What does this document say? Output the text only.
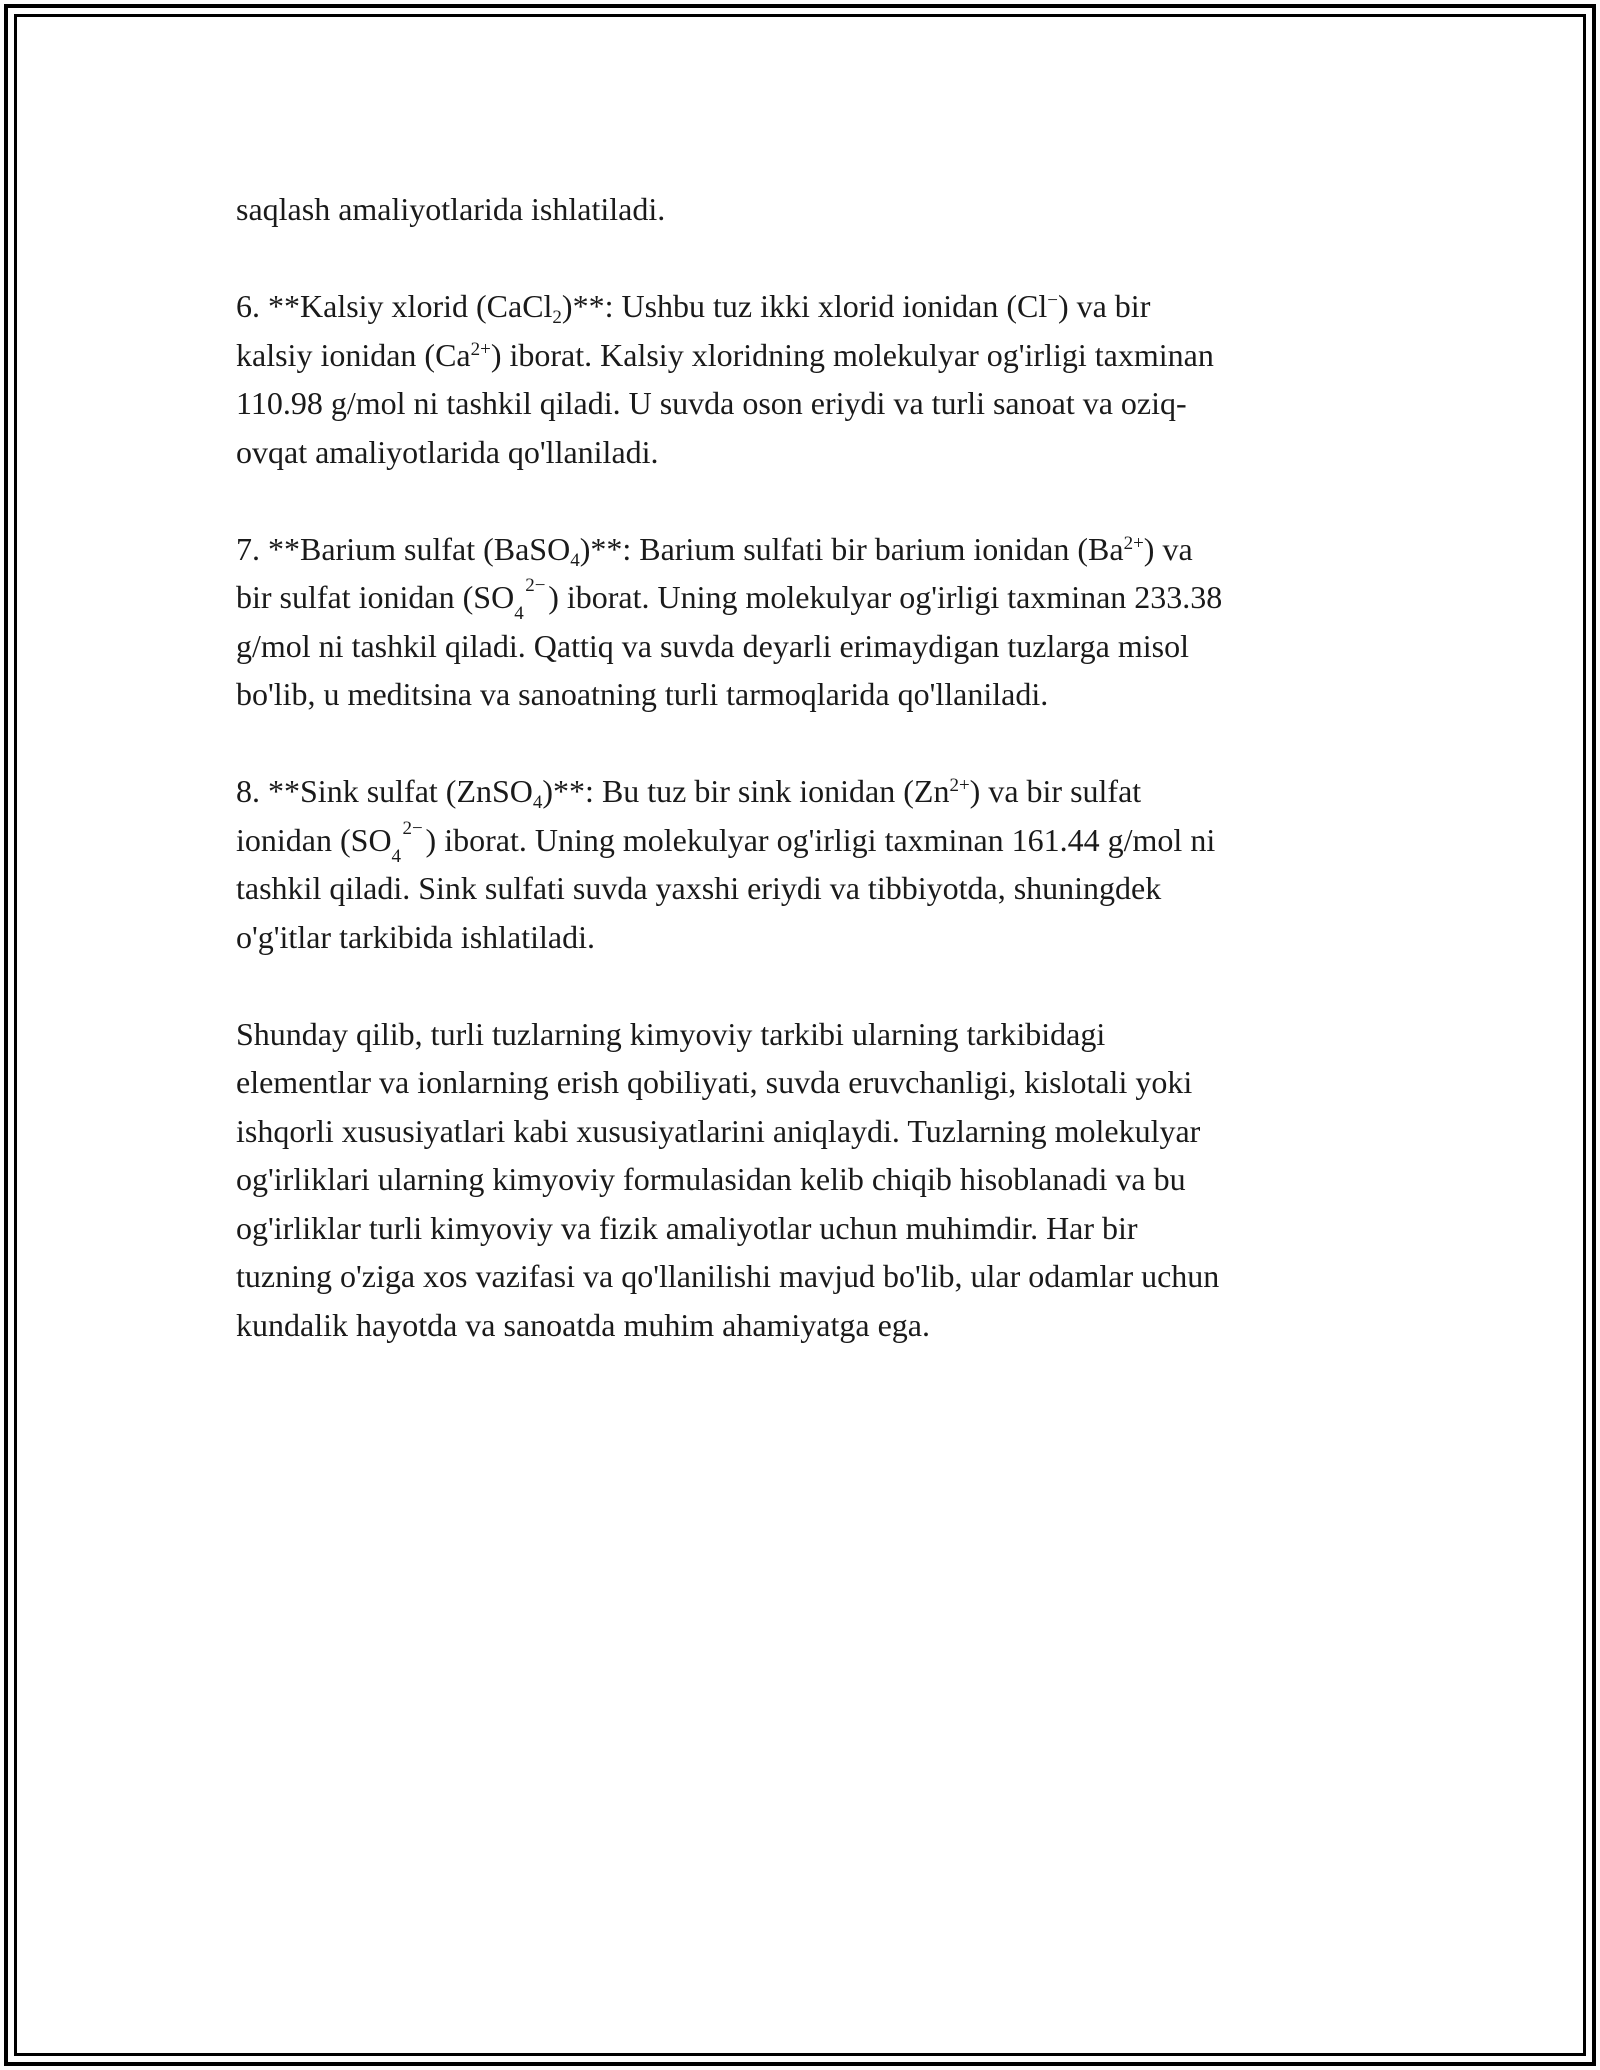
saqlash amaliyotlarida ishlatiladi.

6. **Kalsiy xlorid (CaCl$_2$)**: Ushbu tuz ikki xlorid ionidan (Cl−) va bir
kalsiy ionidan $(Ca^{2+})$ iborat. Kalsiy xloridning molekulyar og'irligi taxminan
110.98 g/mol ni tashkil qiladi. U suvda oson eriydi va turli sanoat va oziq-
ovqat amaliyotlarida qo'llaniladi.

7. **Barium sulfat (BaSO$_4$)**: Barium sulfati bir barium ionidan $(Ba^{2+})$ va
bir sulfat ionidan (SO 4
2− ) iborat. Uning molekulyar og'irligi taxminan 233.38
g/mol ni tashkil qiladi. Qattiq va suvda deyarli erimaydigan tuzlarga misol
bo'lib, u meditsina va sanoatning turli tarmoqlarida qo'llaniladi.

8. **Sink sulfat (ZnSO$_4$)**: Bu tuz bir sink ionidan $(Zn^{2+})$ va bir sulfat
ionidan (SO 4
2− ) iborat. Uning molekulyar og'irligi taxminan 161.44 g/mol ni
tashkil qiladi. Sink sulfati suvda yaxshi eriydi va tibbiyotda, shuningdek
o'g'itlar tarkibida ishlatiladi.

Shunday qilib, turli tuzlarning kimyoviy tarkibi ularning tarkibidagi
elementlar va ionlarning erish qobiliyati, suvda eruvchanligi, kislotali yoki
ishqorli xususiyatlari kabi xususiyatlarini aniqlaydi. Tuzlarning molekulyar
og'irliklari ularning kimyoviy formulasidan kelib chiqib hisoblanadi va bu
og'irliklar turli kimyoviy va fizik amaliyotlar uchun muhimdir. Har bir
tuzning o'ziga xos vazifasi va qo'llanilishi mavjud bo'lib, ular odamlar uchun
kundalik hayotda va sanoatda muhim ahamiyatga ega.
